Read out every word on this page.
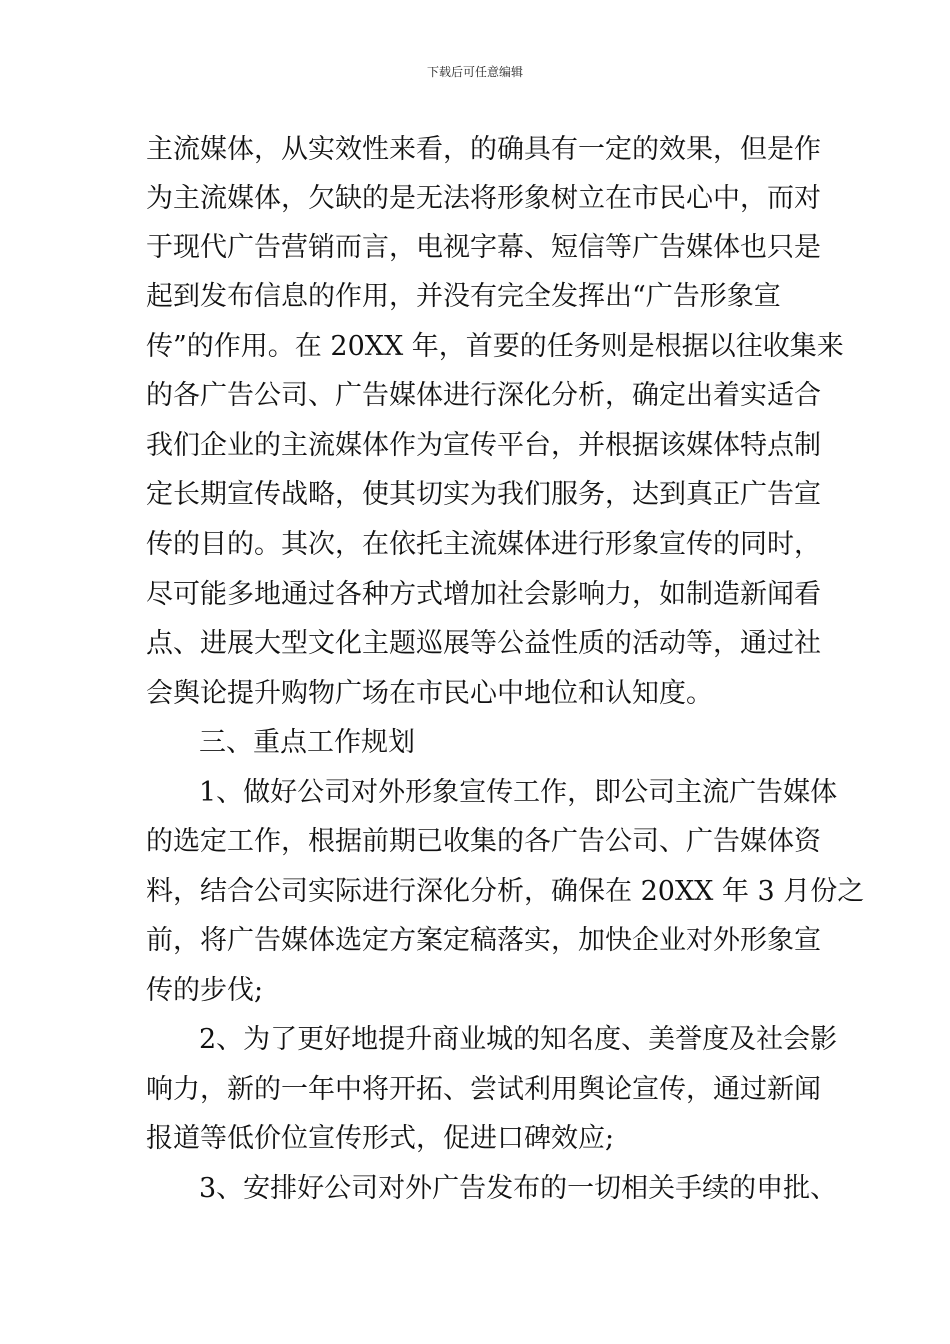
下载后可任意编辑
主流媒体，从实效性来看，的确具有一定的效果，但是作
为主流媒体，欠缺的是无法将形象树立在市民心中，而对
于现代广告营销而言，电视字幕、短信等广告媒体也只是
起到发布信息的作用，并没有完全发挥出“广告形象宣
传”的作用。在 20XX 年，首要的任务则是根据以往收集来
的各广告公司、广告媒体进行深化分析，确定出着实适合
我们企业的主流媒体作为宣传平台，并根据该媒体特点制
定长期宣传战略，使其切实为我们服务，达到真正广告宣
传的目的。其次，在依托主流媒体进行形象宣传的同时，
尽可能多地通过各种方式增加社会影响力，如制造新闻看
点、进展大型文化主题巡展等公益性质的活动等，通过社
会舆论提升购物广场在市民心中地位和认知度。
三、重点工作规划
1、做好公司对外形象宣传工作，即公司主流广告媒体
的选定工作，根据前期已收集的各广告公司、广告媒体资
料，结合公司实际进行深化分析，确保在 20XX 年 3 月份之
前，将广告媒体选定方案定稿落实，加快企业对外形象宣
传的步伐;
2、为了更好地提升商业城的知名度、美誉度及社会影
响力，新的一年中将开拓、尝试利用舆论宣传，通过新闻
报道等低价位宣传形式，促进口碑效应;
3、安排好公司对外广告发布的一切相关手续的申批、
